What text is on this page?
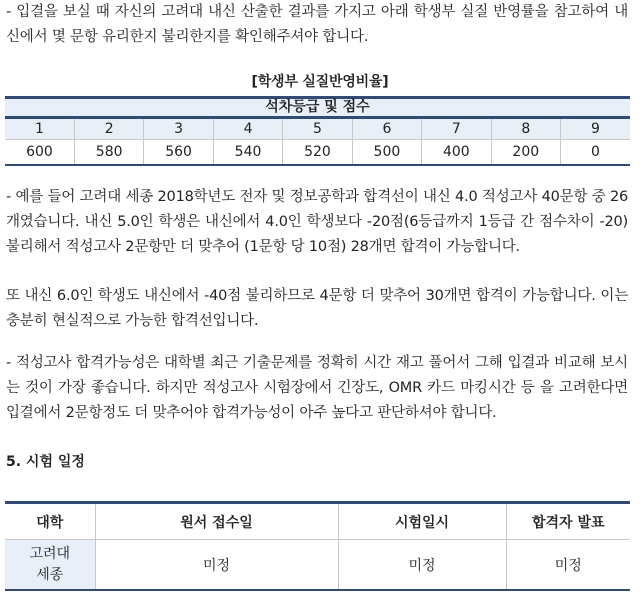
- 입결을 보실 때 자신의 고려대 내신 산출한 결과를 가지고 아래 학생부 실질 반영률을 참고하여 내신에서 몇 문항 유리한지 불리한지를 확인해주셔야 합니다.

[학생부 실질반영비율]
석차등급 및 점수								
1	2	3	4	5	6	7	8	9
600	580	560	540	520	500	400	200	0

- 예를 들어 고려대 세종 2018학년도 전자 및 정보공학과 합격선이 내신 4.0 적성고사 40문항 중 26개였습니다. 내신 5.0인 학생은 내신에서 4.0인 학생보다 -20점(6등급까지 1등급 간 점수차이 -20) 불리해서 적성고사 2문항만 더 맞추어 (1문항 당 10점) 28개면 합격이 가능합니다.

또 내신 6.0인 학생도 내신에서 -40점 불리하므로 4문항 더 맞추어 30개면 합격이 가능합니다. 이는 충분히 현실적으로 가능한 합격선입니다.

- 적성고사 합격가능성은 대학별 최근 기출문제를 정확히 시간 재고 풀어서 그해 입결과 비교해 보시는 것이 가장 좋습니다. 하지만 적성고사 시험장에서 긴장도, OMR 카드 마킹시간 등 을 고려한다면 입결에서 2문항정도 더 맞추어야 합격가능성이 아주 높다고 판단하셔야 합니다.

5. 시험 일정
대학	원서 접수일	시험일시	합격자 발표
고려대
세종	미정	미정	미정
